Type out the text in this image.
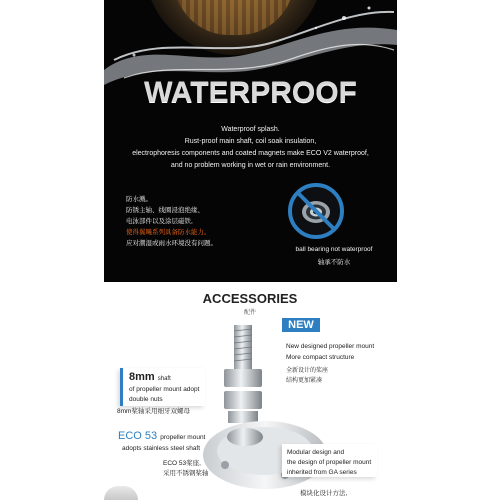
WATERPROOF
Waterproof splash.
Rust-proof main shaft, coil soak insulation,
electrophoresis components and coated magnets make ECO V2 waterproof,
and no problem working in wet or rain environment.
防水溅。
防锈主轴、线圈浸泡绝缘、
电泳部件以及涂层磁铁,
使得翼飚系列具备防水能力。
应对潮湿或雨水环境没有问题。
ball bearing not waterproof
轴承不防水
ACCESSORIES
配件
NEW
New designed propeller mount
More compact structure
全新设计的桨座
结构更加紧凑
8mm shaft
of propeller mount adopt
double nuts
8mm桨轴采用细牙双螺母
ECO 53 propeller mount
adopts stainless steel shaft
ECO 53桨座,
采用不锈钢桨轴
Modular design and
the design of propeller mount
inherited from GA series
模块化设计方法,
